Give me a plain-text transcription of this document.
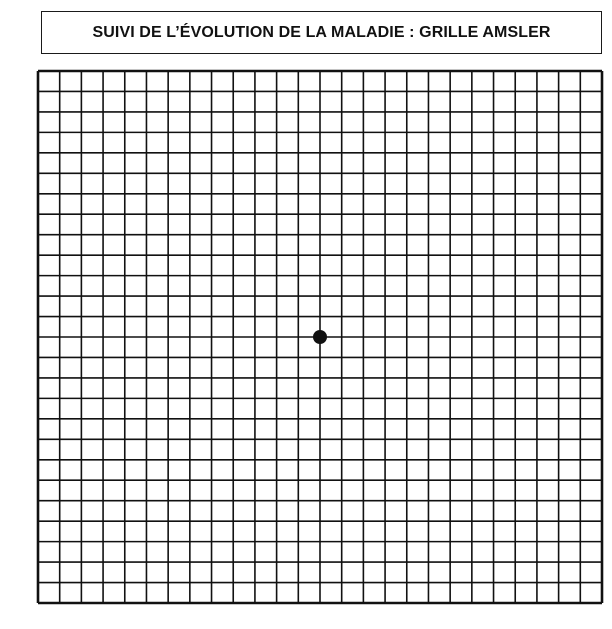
SUIVI DE L’ÉVOLUTION DE LA MALADIE : GRILLE AMSLER
